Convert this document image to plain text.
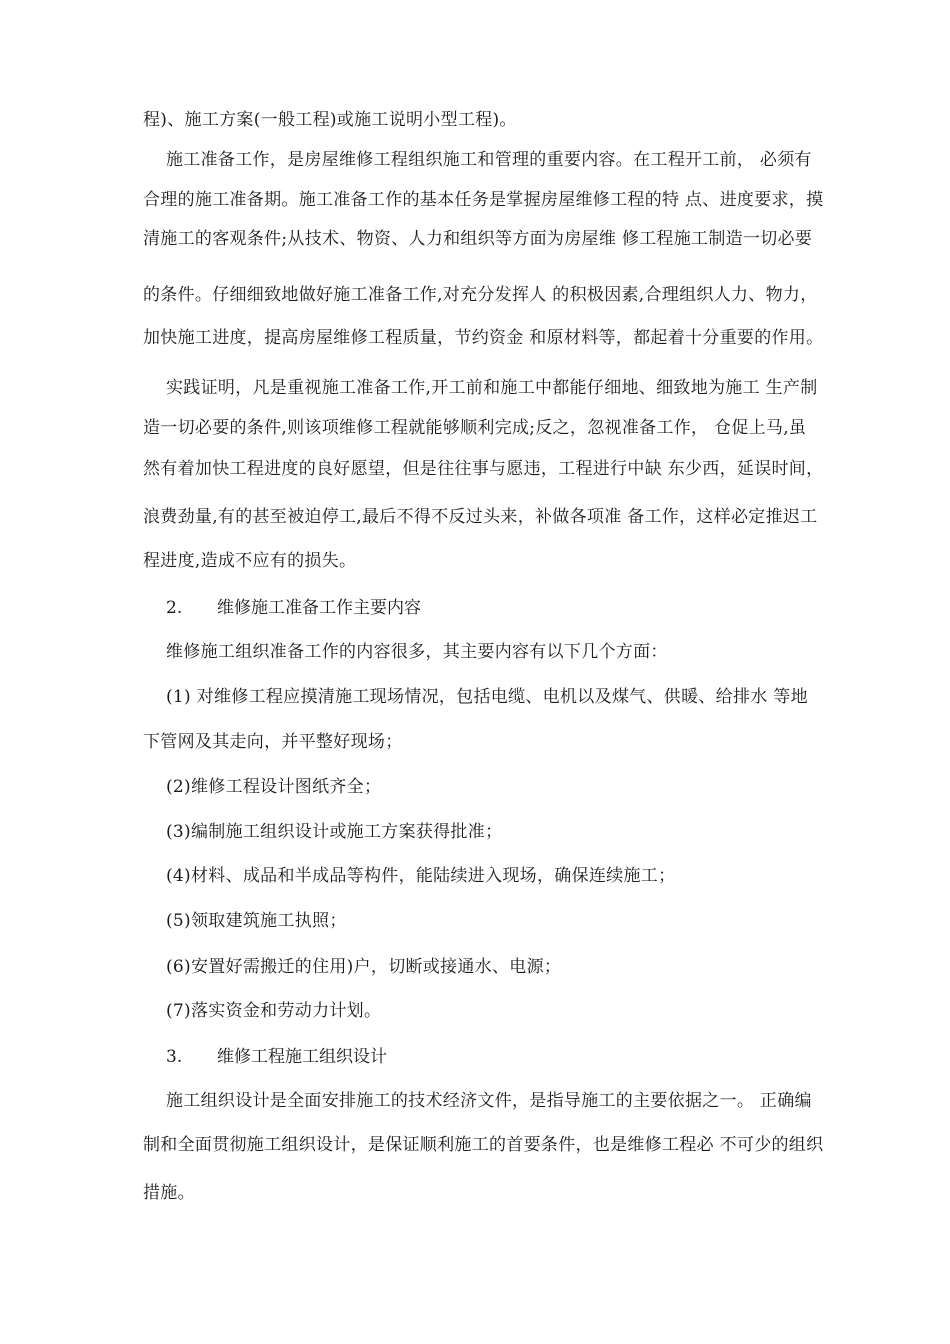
程)、施工方案(一般工程)或施工说明小型工程)。
施工准备工作，是房屋维修工程组织施工和管理的重要内容。在工程开工前， 必须有
合理的施工准备期。施工准备工作的基本任务是掌握房屋维修工程的特 点、进度要求，摸
清施工的客观条件;从技术、物资、人力和组织等方面为房屋维 修工程施工制造一切必要
的条件。仔细细致地做好施工准备工作,对充分发挥人 的积极因素,合理组织人力、物力，
加快施工进度，提高房屋维修工程质量，节约资金 和原材料等，都起着十分重要的作用。
实践证明，凡是重视施工准备工作,开工前和施工中都能仔细地、细致地为施工 生产制
造一切必要的条件,则该项维修工程就能够顺利完成;反之，忽视准备工作， 仓促上马,虽
然有着加快工程进度的良好愿望，但是往往事与愿违，工程进行中缺 东少西，延误时间，
浪费劲量,有的甚至被迫停工,最后不得不反过头来，补做各项准 备工作，这样必定推迟工
程进度,造成不应有的损失。
2. 维修施工准备工作主要内容
维修施工组织准备工作的内容很多，其主要内容有以下几个方面：
(1) 对维修工程应摸清施工现场情况，包括电缆、电机以及煤气、供暖、给排水 等地
下管网及其走向，并平整好现场；
(2)维修工程设计图纸齐全；
(3)编制施工组织设计或施工方案获得批准；
(4)材料、成品和半成品等构件，能陆续进入现场，确保连续施工；
(5)领取建筑施工执照；
(6)安置好需搬迁的住用)户，切断或接通水、电源；
(7)落实资金和劳动力计划。
3. 维修工程施工组织设计
施工组织设计是全面安排施工的技术经济文件，是指导施工的主要依据之一。 正确编
制和全面贯彻施工组织设计，是保证顺利施工的首要条件，也是维修工程必 不可少的组织
措施。
